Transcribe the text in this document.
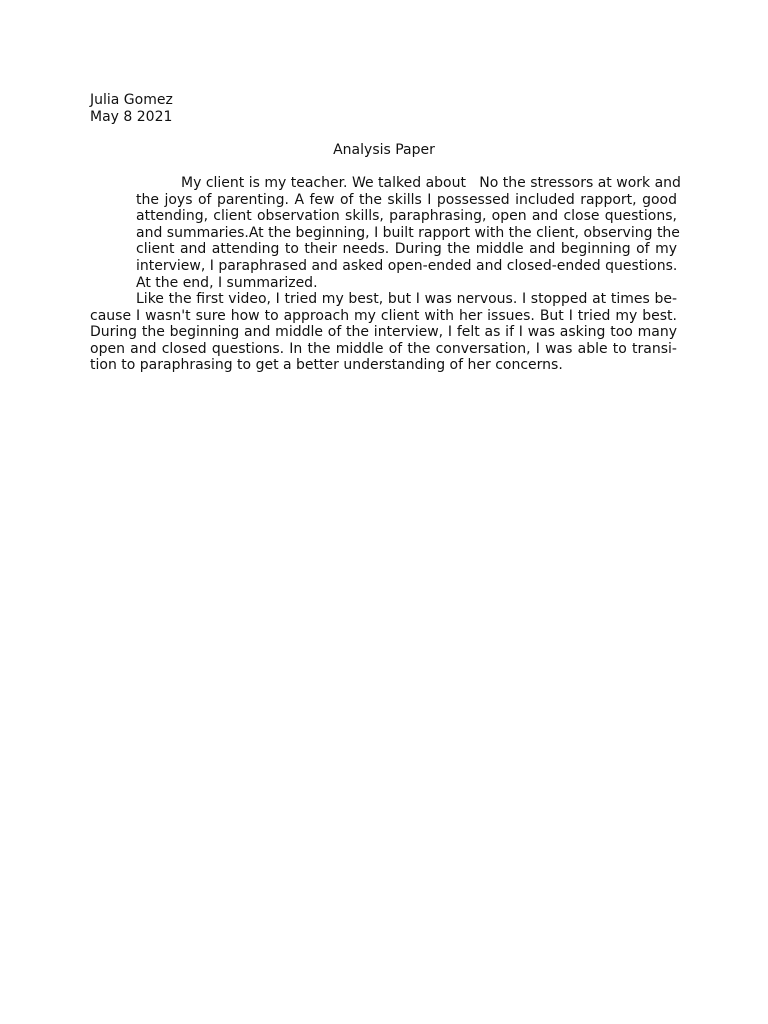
Julia Gomez
May 8 2021
Analysis Paper
My client is my teacher. We talked about   No the stressors at work and
the joys of parenting. A few of the skills I possessed included rapport, good
attending, client observation skills, paraphrasing, open and close questions,
and summaries.At the beginning, I built rapport with the client, observing the
client and attending to their needs. During the middle and beginning of my
interview, I paraphrased and asked open-ended and closed-ended questions.
At the end, I summarized.
Like the first video, I tried my best, but I was nervous. I stopped at times be-
cause I wasn't sure how to approach my client with her issues. But I tried my best.
During the beginning and middle of the interview, I felt as if I was asking too many
open and closed questions. In the middle of the conversation, I was able to transi-
tion to paraphrasing to get a better understanding of her concerns.
